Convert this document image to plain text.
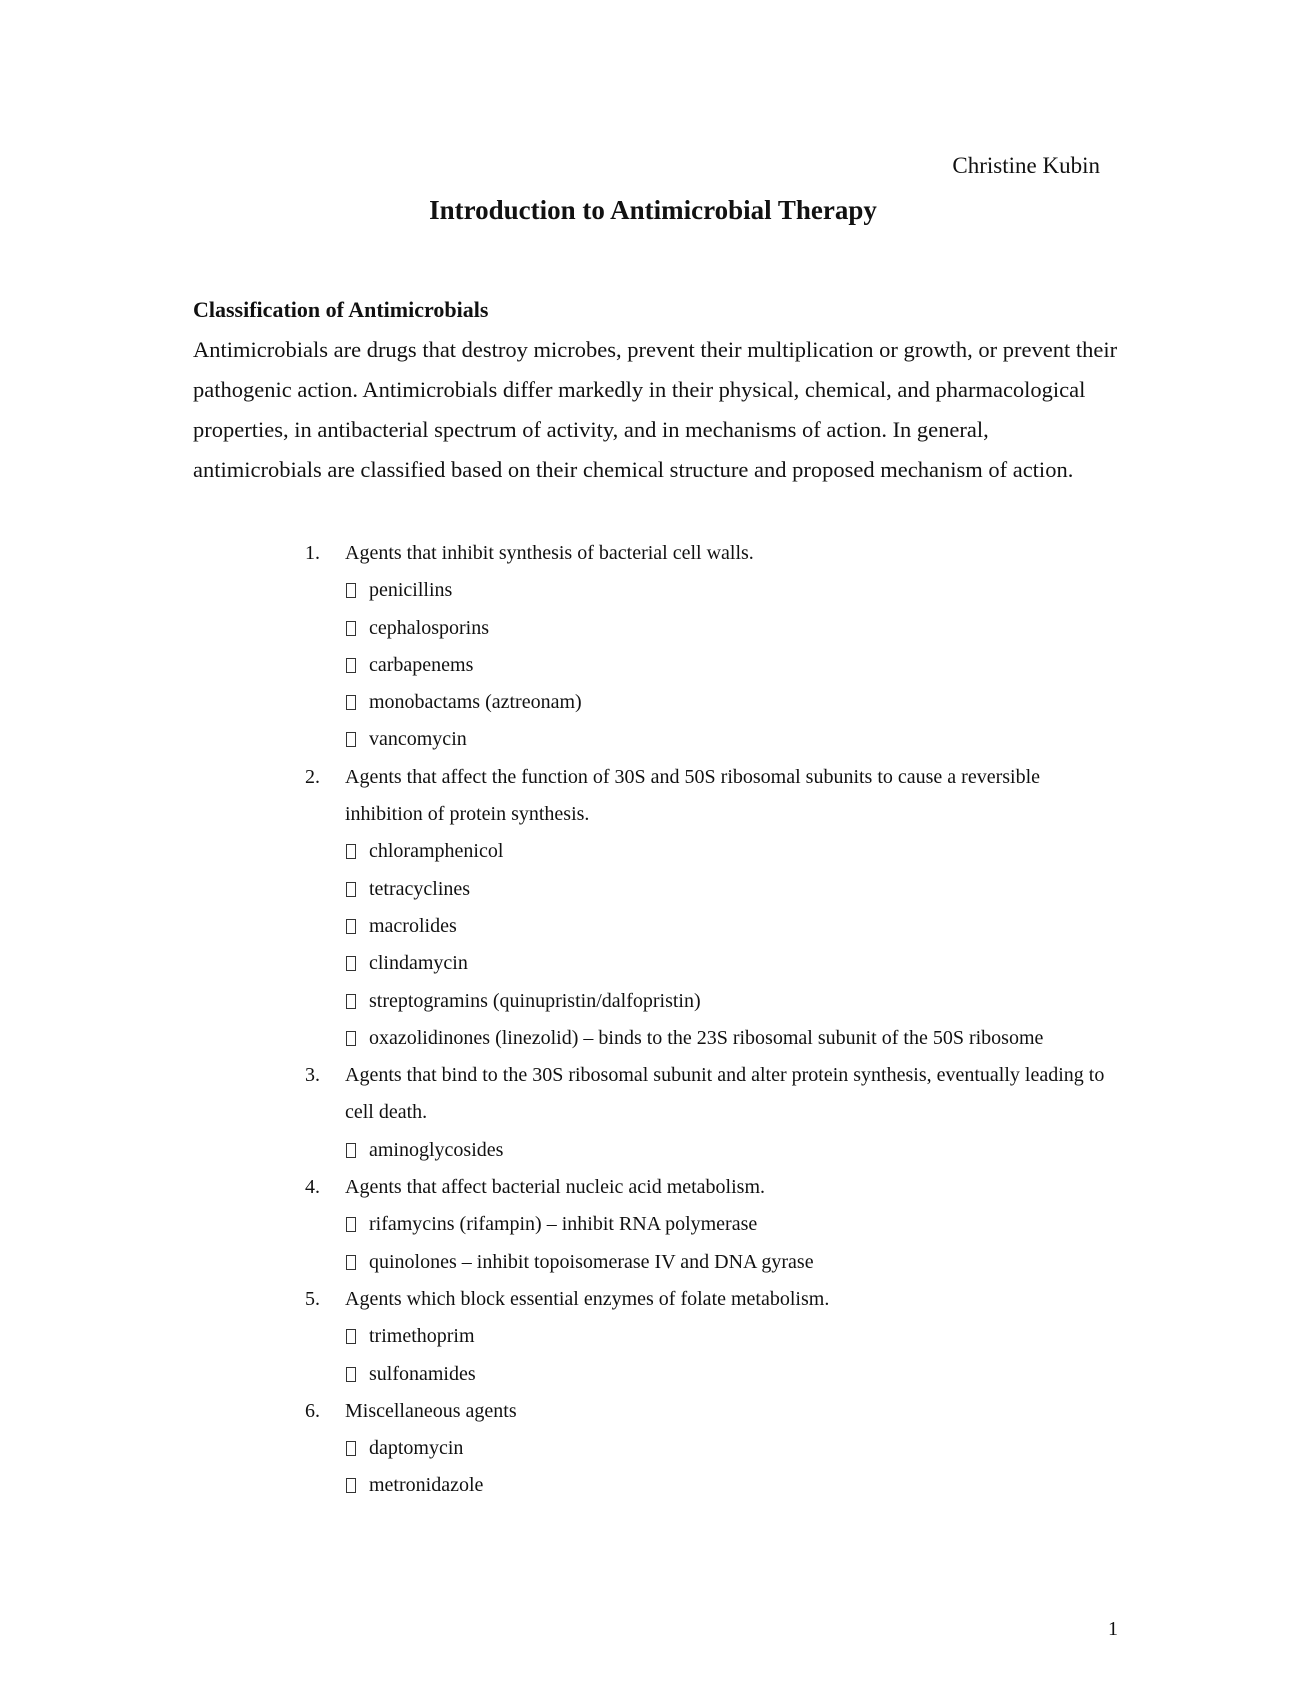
Christine Kubin
Introduction to Antimicrobial Therapy
Classification of Antimicrobials

Antimicrobials are drugs that destroy microbes, prevent their multiplication or growth, or prevent their pathogenic action. Antimicrobials differ markedly in their physical, chemical, and pharmacological properties, in antibacterial spectrum of activity, and in mechanisms of action. In general, antimicrobials are classified based on their chemical structure and proposed mechanism of action.

1. Agents that inhibit synthesis of bacterial cell walls.
penicillins
cephalosporins
carbapenems
monobactams (aztreonam)
vancomycin
2. Agents that affect the function of 30S and 50S ribosomal subunits to cause a reversible inhibition of protein synthesis.
chloramphenicol
tetracyclines
macrolides
clindamycin
streptogramins (quinupristin/dalfopristin)
oxazolidinones (linezolid) – binds to the 23S ribosomal subunit of the 50S ribosome
3. Agents that bind to the 30S ribosomal subunit and alter protein synthesis, eventually leading to cell death.
aminoglycosides
4. Agents that affect bacterial nucleic acid metabolism.
rifamycins (rifampin) – inhibit RNA polymerase
quinolones – inhibit topoisomerase IV and DNA gyrase
5. Agents which block essential enzymes of folate metabolism.
trimethoprim
sulfonamides
6. Miscellaneous agents
daptomycin
metronidazole
1
